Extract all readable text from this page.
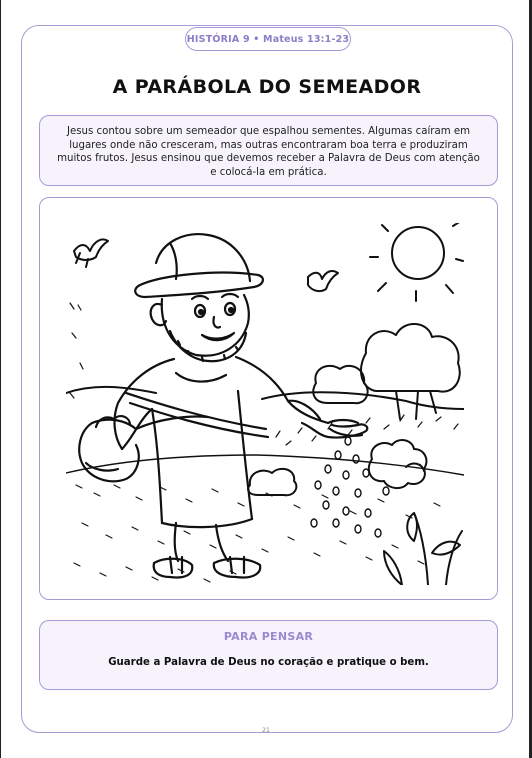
HISTÓRIA 9 • Mateus 13:1-23
A PARÁBOLA DO SEMEADOR
Jesus contou sobre um semeador que espalhou sementes. Algumas caíram em lugares onde não cresceram, mas outras encontraram boa terra e produziram muitos frutos. Jesus ensinou que devemos receber a Palavra de Deus com atenção e colocá-la em prática.
PARA PENSAR
Guarde a Palavra de Deus no coração e pratique o bem.
21
